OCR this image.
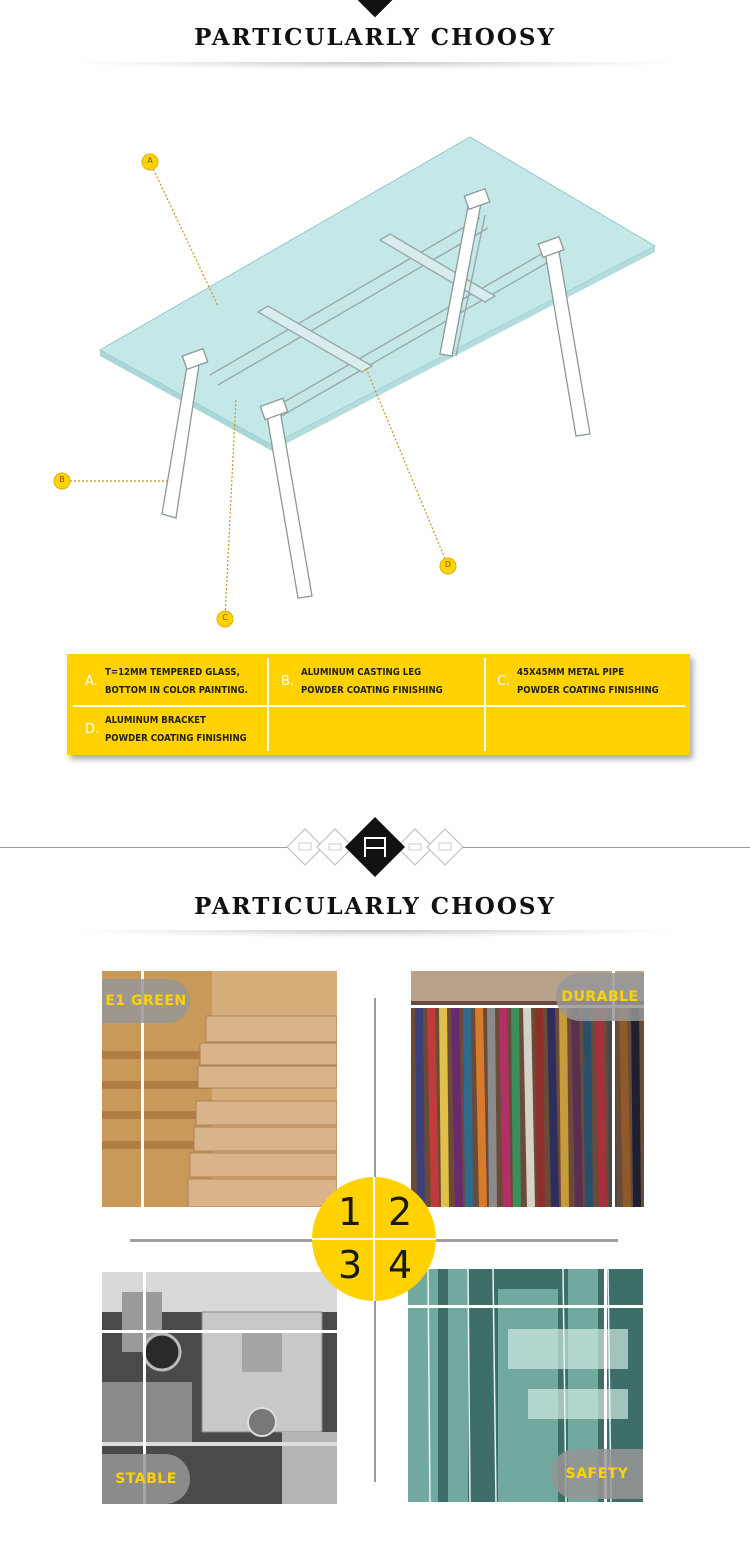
PARTICULARLY CHOOSY
A
B
C
D
A.
T=12MM TEMPERED GLASS,
BOTTOM IN COLOR PAINTING.
B.
ALUMINUM CASTING LEG
POWDER COATING FINISHING
C.
45X45MM METAL PIPE
POWDER COATING FINISHING
D.
ALUMINUM BRACKET
POWDER COATING FINISHING
PARTICULARLY CHOOSY
E1 GREEN	DURABLE
STABLE	SAFETY
1 2
3 4
